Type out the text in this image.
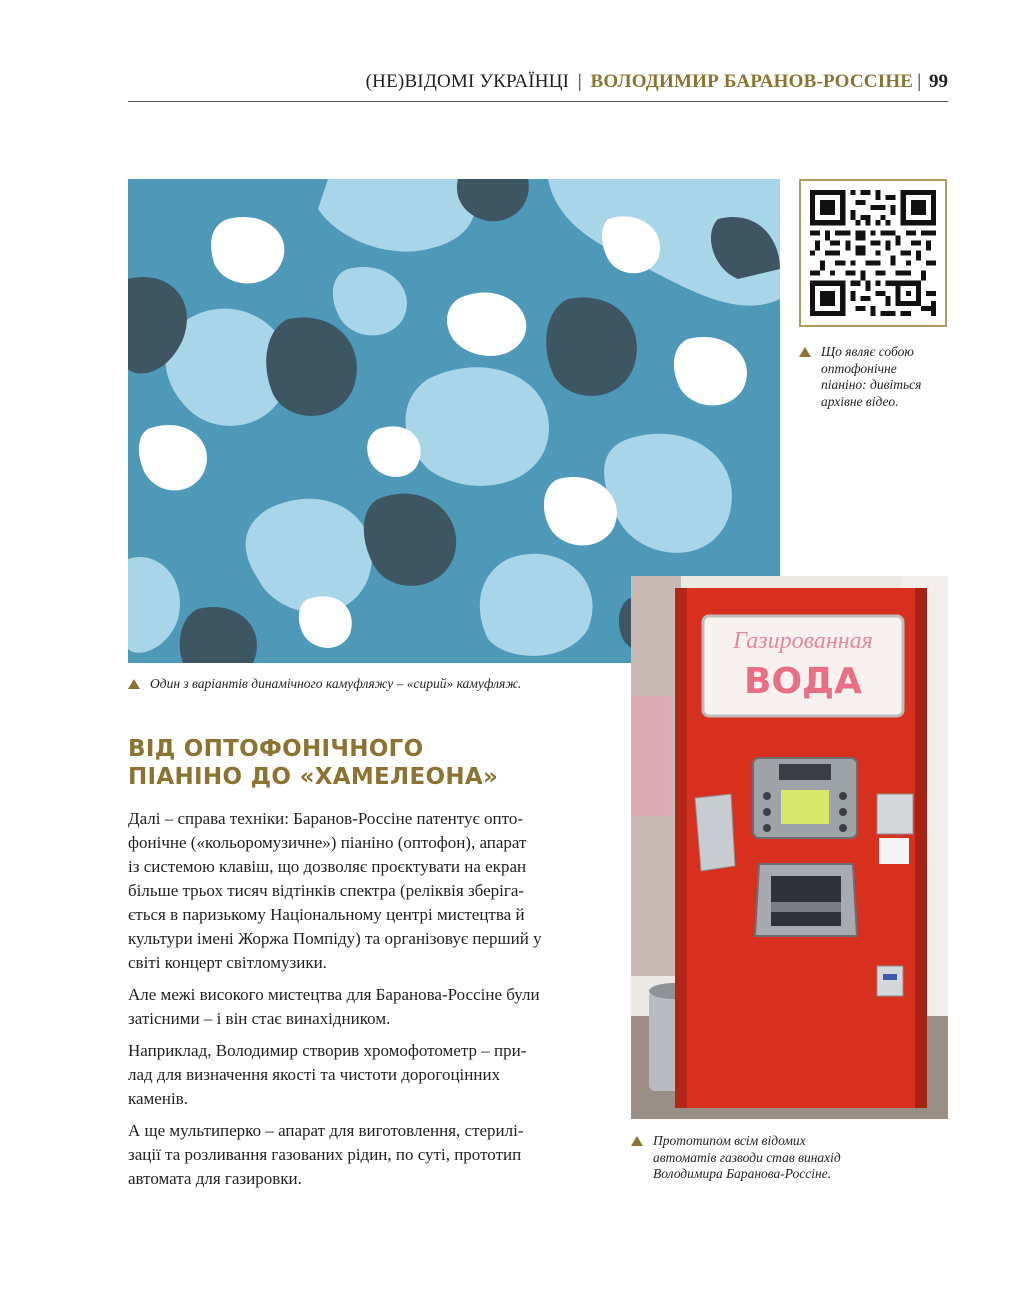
(НЕ)ВІДОМІ УКРАЇНЦІ | ВОЛОДИМИР БАРАНОВ-РОССІНЕ | 99
Що являє собою
оптофонічне
піаніно: дивіться
архівне відео.
Один з варіантів динамічного камуфляжу – «сирий» камуфляж.
ВІД ОПТОФОНІЧНОГО
ПІАНІНО ДО «ХАМЕЛЕОНА»

Далі – справа техніки: Баранов-Россіне патентує опто-
фонічне («кольоромузичне») піаніно (оптофон), апарат
із системою клавіш, що дозволяє проєктувати на екран
більше трьох тисяч відтінків спектра (реліквія зберіга-
ється в паризькому Національному центрі мистецтва й
культури імені Жоржа Помпіду) та організовує перший у
світі концерт світломузики.

Але межі високого мистецтва для Баранова-Россіне були
затісними – і він стає винахідником.

Наприклад, Володимир створив хромофотометр – при-
лад для визначення якості та чистоти дорогоцінних
каменів.

А ще мультиперко – апарат для виготовлення, стерилі-
зації та розливання газованих рідин, по суті, прототип
автомата для газировки.

Газированная
ВОДА
Прототипом всім відомих
автоматів газводи став винахід
Володимира Баранова-Россіне.
